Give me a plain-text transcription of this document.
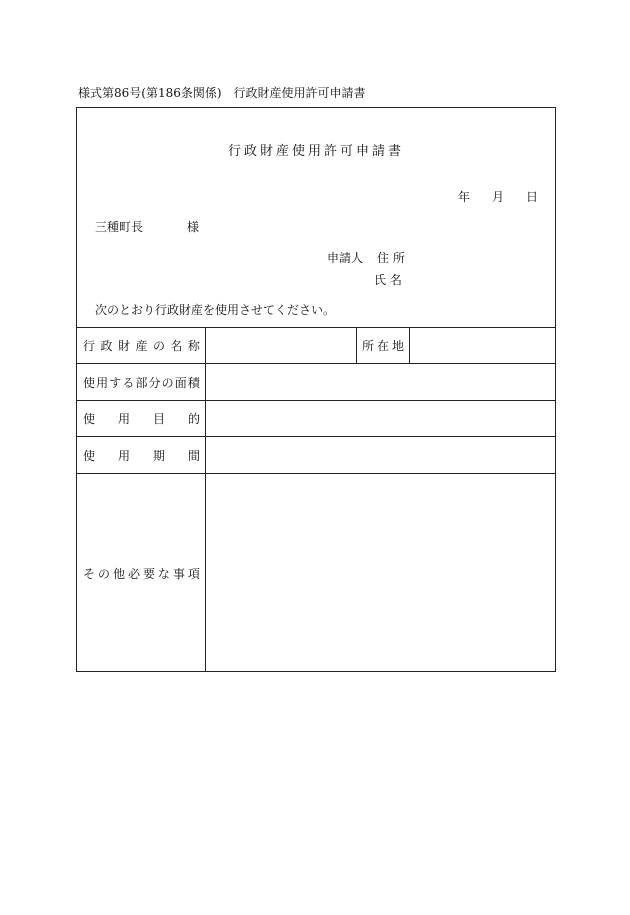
様式第86号(第186条関係)　行政財産使用許可申請書
行政財産使用許可申請書
年 月 日
三種町長	様
申請人 住 所
氏 名
次のとおり行政財産を使用させてください。
行 政 財 産 の 名 称	所 在 地
使 用 す る 部 分 の 面 積
使 用 目 的
使 用 期 間
そ の 他 必 要 な 事 項
